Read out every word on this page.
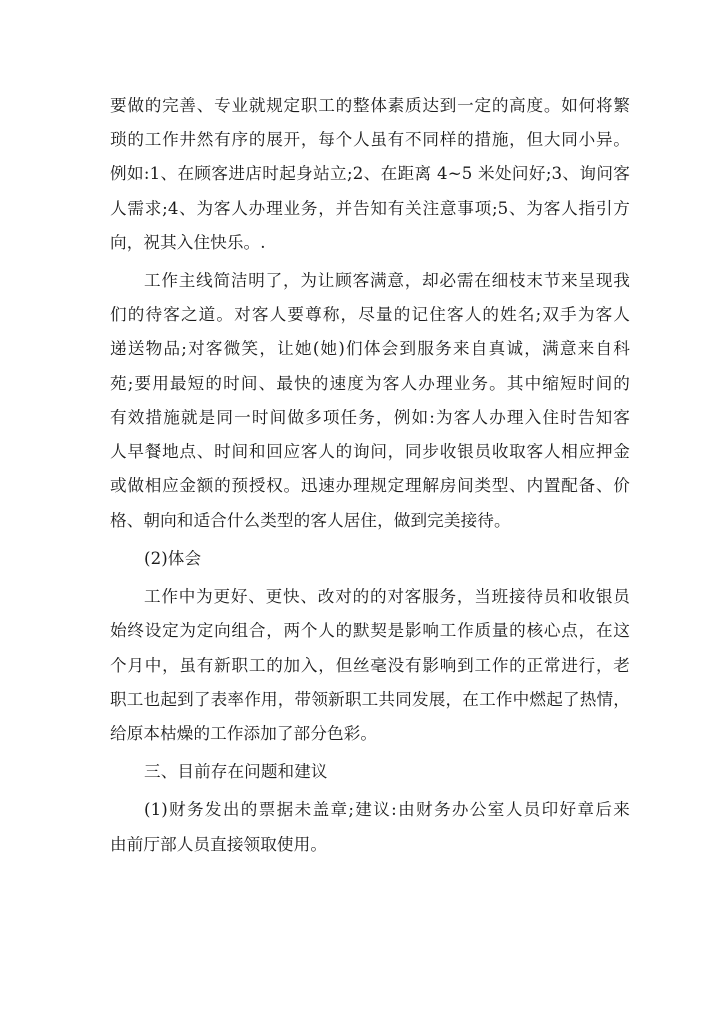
要做的完善、专业就规定职工的整体素质达到一定的高度。如何将繁
琐的工作井然有序的展开，每个人虽有不同样的措施，但大同小异。
例如:1、在顾客进店时起身站立;2、在距离 4~5 米处问好;3、询问客
人需求;4、为客人办理业务，并告知有关注意事项;5、为客人指引方
向，祝其入住快乐。.
工作主线简洁明了，为让顾客满意，却必需在细枝末节来呈现我
们的待客之道。对客人要尊称，尽量的记住客人的姓名;双手为客人
递送物品;对客微笑，让她(她)们体会到服务来自真诚，满意来自科
苑;要用最短的时间、最快的速度为客人办理业务。其中缩短时间的
有效措施就是同一时间做多项任务，例如:为客人办理入住时告知客
人早餐地点、时间和回应客人的询问，同步收银员收取客人相应押金
或做相应金额的预授权。迅速办理规定理解房间类型、内置配备、价
格、朝向和适合什么类型的客人居住，做到完美接待。
(2)体会
工作中为更好、更快、改对的的对客服务，当班接待员和收银员
始终设定为定向组合，两个人的默契是影响工作质量的核心点，在这
个月中，虽有新职工的加入，但丝毫没有影响到工作的正常进行，老
职工也起到了表率作用，带领新职工共同发展，在工作中燃起了热情，
给原本枯燥的工作添加了部分色彩。
三、目前存在问题和建议
(1)财务发出的票据未盖章;建议:由财务办公室人员印好章后来
由前厅部人员直接领取使用。
